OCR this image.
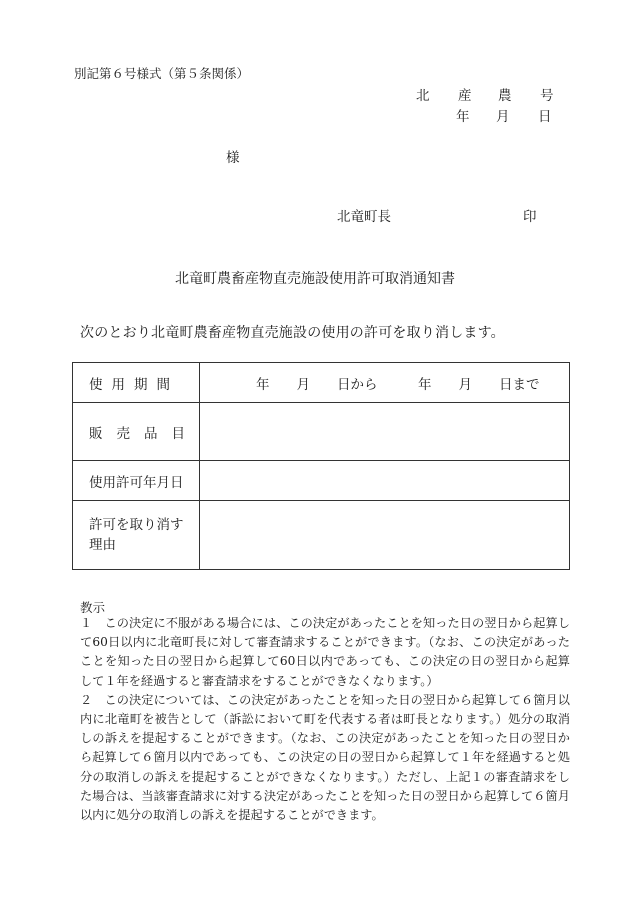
別記第６号様式（第５条関係）
北 産 農 号
年 月 日
様
北竜町長	印
北竜町農畜産物直売施設使用許可取消通知書
次のとおり北竜町農畜産物直売施設の使用の許可を取り消します。
使用期間	年　　月　　日から　　　年　　月　　日まで

販売品目	

使用許可年月日	

許可を取り消す
理由	

教示

１　この決定に不服がある場合には、この決定があったことを知った日の翌日から起算して60日以内に北竜町長に対して審査請求することができます。（なお、この決定があったことを知った日の翌日から起算して60日以内であっても、この決定の日の翌日から起算して１年を経過すると審査請求をすることができなくなります。）

２　この決定については、この決定があったことを知った日の翌日から起算して６箇月以内に北竜町を被告として（訴訟において町を代表する者は町長となります。）処分の取消しの訴えを提起することができます。（なお、この決定があったことを知った日の翌日から起算して６箇月以内であっても、この決定の日の翌日から起算して１年を経過すると処分の取消しの訴えを提起することができなくなります。）ただし、上記１の審査請求をした場合は、当該審査請求に対する決定があったことを知った日の翌日から起算して６箇月以内に処分の取消しの訴えを提起することができます。
